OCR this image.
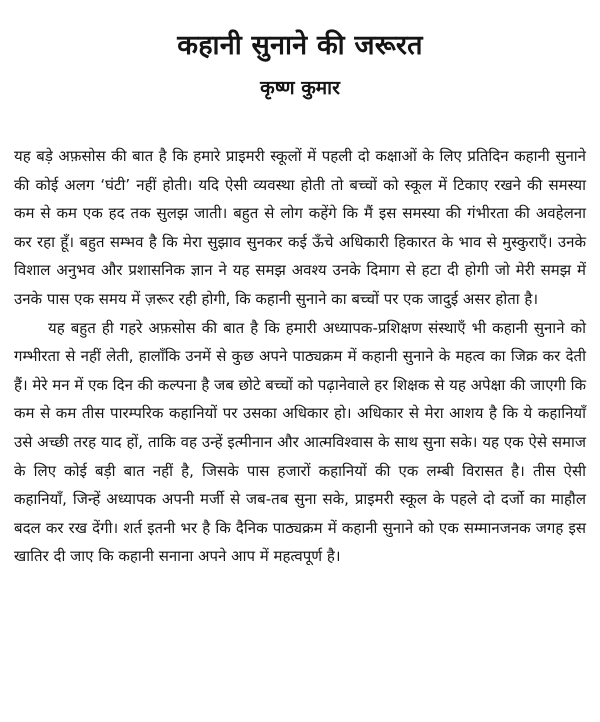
कहानी सुनाने की जरूरत
कृष्ण कुमार

यह बड़े अफ़सोस की बात है कि हमारे प्राइमरी स्कूलों में पहली दो कक्षाओं के लिए प्रतिदिन कहानी सुनाने की कोई अलग ‘घंटी’ नहीं होती। यदि ऐसी व्यवस्था होती तो बच्चों को स्कूल में टिकाए रखने की समस्या कम से कम एक हद तक सुलझ जाती। बहुत से लोग कहेंगे कि मैं इस समस्या की गंभीरता की अवहेलना कर रहा हूँ। बहुत सम्भव है कि मेरा सुझाव सुनकर कई ऊँचे अधिकारी हिकारत के भाव से मुस्कुराएँ। उनके विशाल अनुभव और प्रशासनिक ज्ञान ने यह समझ अवश्य उनके दिमाग से हटा दी होगी जो मेरी समझ में उनके पास एक समय में ज़रूर रही होगी, कि कहानी सुनाने का बच्चों पर एक जादुई असर होता है।

यह बहुत ही गहरे अफ़सोस की बात है कि हमारी अध्यापक-प्रशिक्षण संस्थाएँ भी कहानी सुनाने को गम्भीरता से नहीं लेती, हालाँकि उनमें से कुछ अपने पाठ्यक्रम में कहानी सुनाने के महत्व का जिक्र कर देती हैं। मेरे मन में एक दिन की कल्पना है जब छोटे बच्चों को पढ़ानेवाले हर शिक्षक से यह अपेक्षा की जाएगी कि कम से कम तीस पारम्परिक कहानियों पर उसका अधिकार हो। अधिकार से मेरा आशय है कि ये कहानियाँ उसे अच्छी तरह याद हों, ताकि वह उन्हें इत्मीनान और आत्मविश्वास के साथ सुना सके। यह एक ऐसे समाज के लिए कोई बड़ी बात नहीं है, जिसके पास हजारों कहानियों की एक लम्बी विरासत है। तीस ऐसी कहानियाँ, जिन्हें अध्यापक अपनी मर्जी से जब-तब सुना सके, प्राइमरी स्कूल के पहले दो दर्जो का माहौल बदल कर रख देंगी। शर्त इतनी भर है कि दैनिक पाठ्यक्रम में कहानी सुनाने को एक सम्मानजनक जगह इस खातिर दी जाए कि कहानी सनाना अपने आप में महत्वपूर्ण है।
